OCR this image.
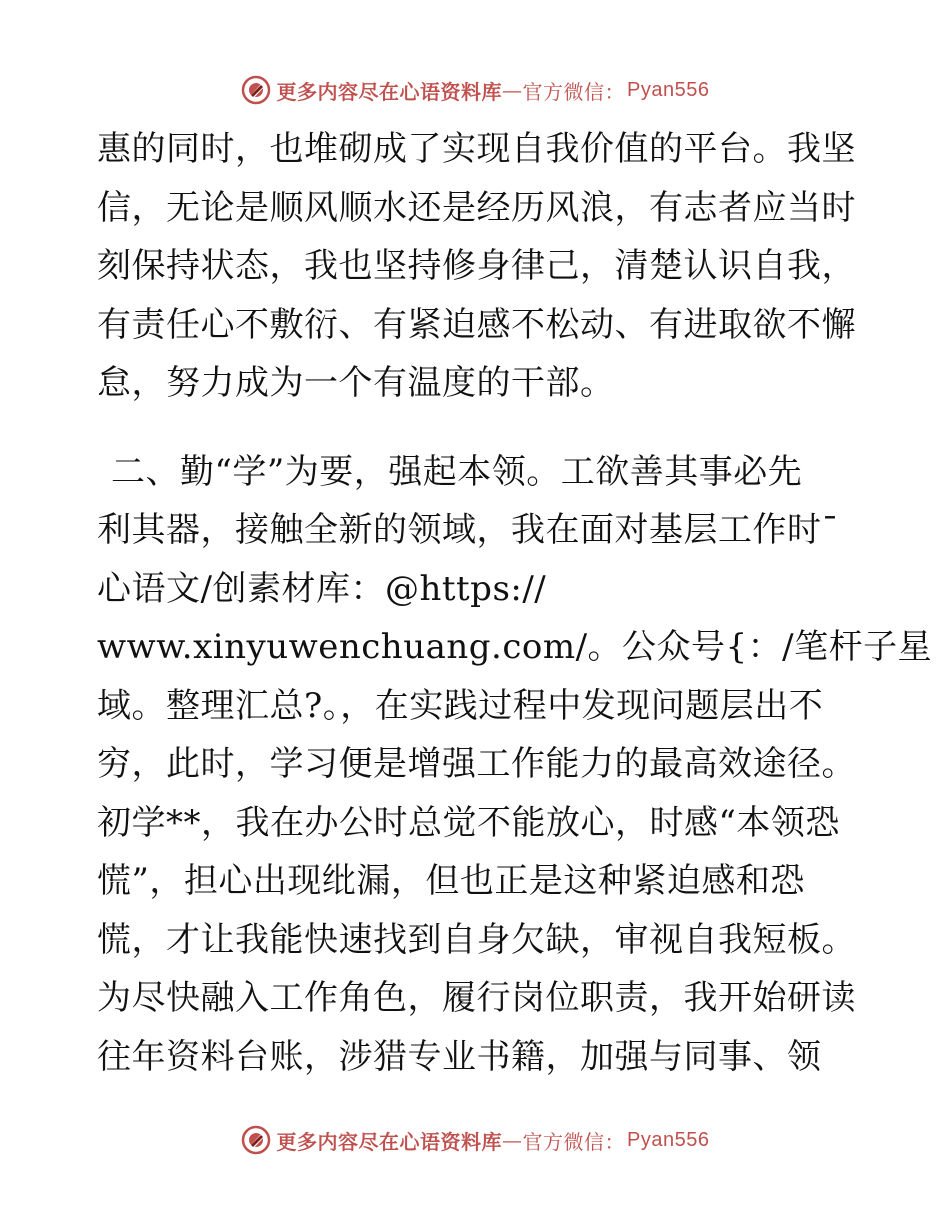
更多内容尽在心语资料库 — 官方微信： Pyan556
惠的同时，也堆砌成了实现自我价值的平台。我坚
信，无论是顺风顺水还是经历风浪，有志者应当时
刻保持状态，我也坚持修身律己，清楚认识自我，
有责任心不敷衍、有紧迫感不松动、有进取欲不懈
怠，努力成为一个有温度的干部。
二、勤“学”为要，强起本领。工欲善其事必先
利其器，接触全新的领域，我在面对基层工作时¯
心语文/创素材库：@https://
www.xinyuwenchuang.com/。公众号{：/笔杆子星
域。整理汇总?。，在实践过程中发现问题层出不
穷，此时，学习便是增强工作能力的最高效途径。
初学**，我在办公时总觉不能放心，时感“本领恐
慌”，担心出现纰漏，但也正是这种紧迫感和恐
慌，才让我能快速找到自身欠缺，审视自我短板。
为尽快融入工作角色，履行岗位职责，我开始研读
往年资料台账，涉猎专业书籍，加强与同事、领
更多内容尽在心语资料库 — 官方微信： Pyan556
